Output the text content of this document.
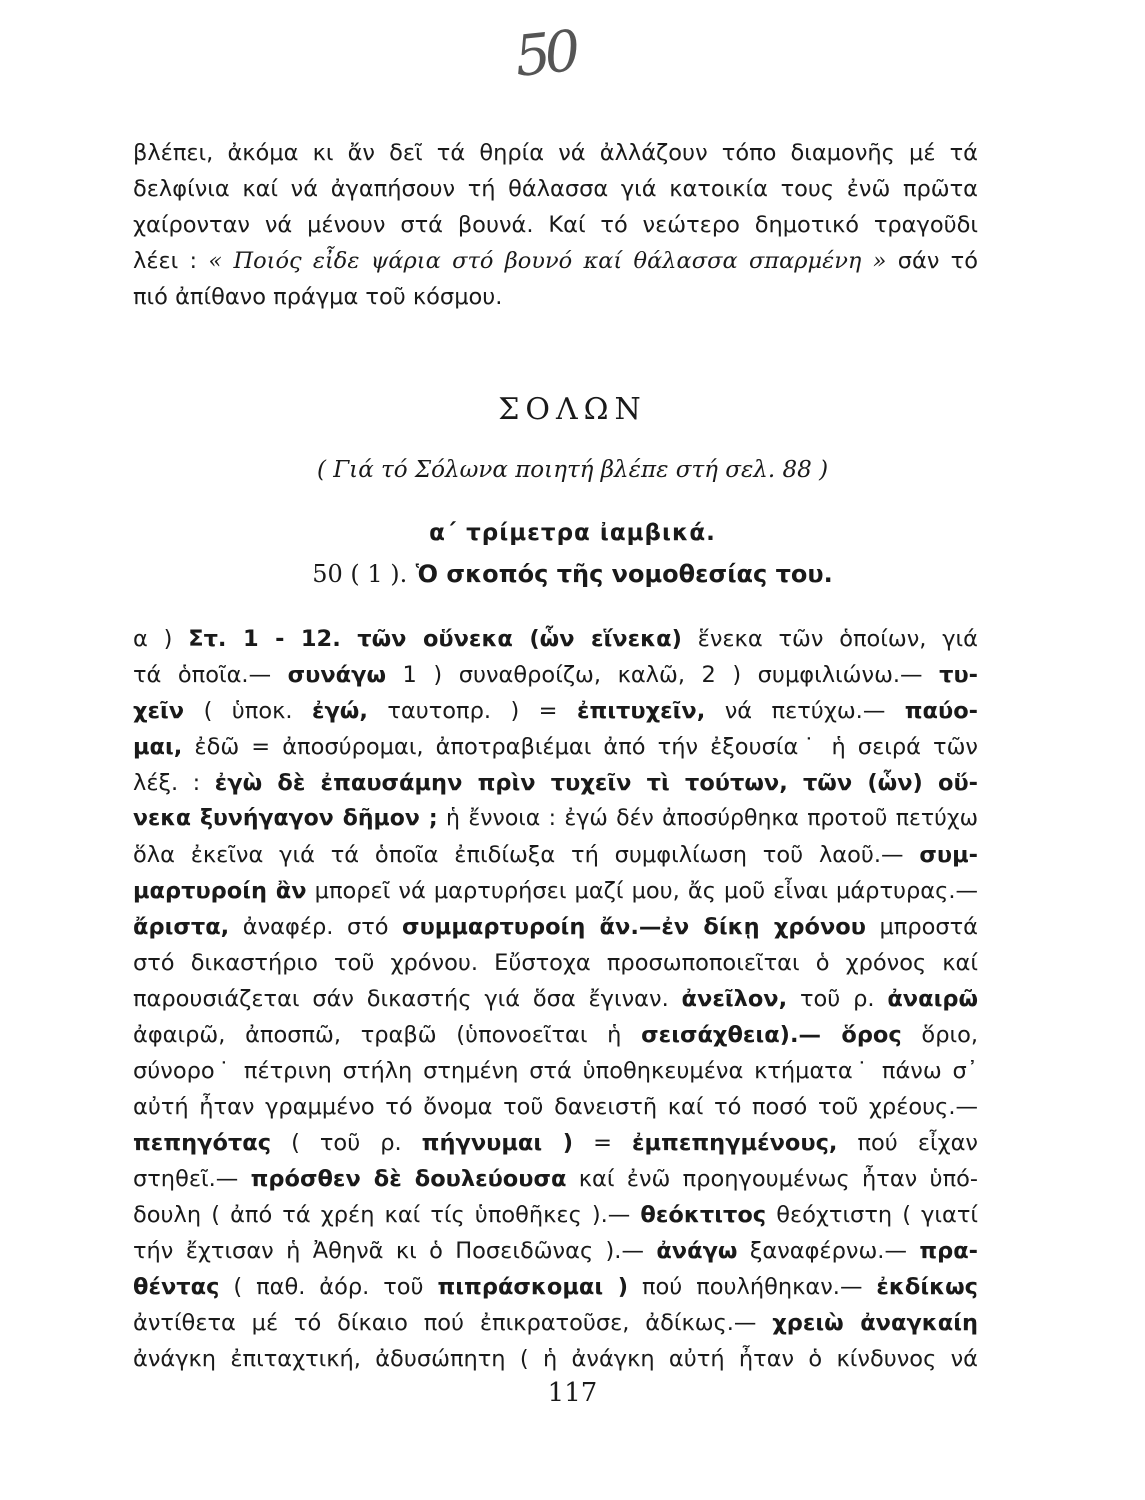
50
βλέπει, ἀκόμα κι ἄν δεῖ τά θηρία νά ἀλλάζουν τόπο διαμονῆς μέ τά
δελφίνια καί νά ἀγαπήσουν τή θάλασσα γιά κατοικία τους ἐνῶ πρῶτα
χαίρονταν νά μένουν στά βουνά. Καί τό νεώτερο δημοτικό τραγοῦδι
λέει : « Ποιός εἶδε ψάρια στό βουνό καί θάλασσα σπαρμένη » σάν τό
πιό ἀπίθανο πράγμα τοῦ κόσμου.
ΣΟΛΩΝ
( Γιά τό Σόλωνα ποιητή βλέπε στή σελ. 88 )
α΄ τρίμετρα ἰαμβικά.
50 ( 1 ). Ὁ σκοπός τῆς νομοθεσίας του.
α ) Στ. 1 - 12. τῶν οὕνεκα (ὧν εἵνεκα) ἕνεκα τῶν ὁποίων, γιά
τά ὁποῖα.— συνάγω 1 ) συναθροίζω, καλῶ, 2 ) συμφιλιώνω.— τυ-
χεῖν ( ὑποκ. ἐγώ, ταυτοπρ. ) = ἐπιτυχεῖν, νά πετύχω.— παύο-
μαι, ἐδῶ = ἀποσύρομαι, ἀποτραβιέμαι ἀπό τήν ἐξουσία˙ ἡ σειρά τῶν
λέξ. : ἐγὼ δὲ ἐπαυσάμην πρὶν τυχεῖν τὶ τούτων, τῶν (ὧν) οὕ-
νεκα ξυνήγαγον δῆμον ; ἡ ἔννοια : ἐγώ δέν ἀποσύρθηκα προτοῦ πετύχω
ὅλα ἐκεῖνα γιά τά ὁποῖα ἐπιδίωξα τή συμφιλίωση τοῦ λαοῦ.— συμ-
μαρτυροίη ἂν μπορεῖ νά μαρτυρήσει μαζί μου, ἄς μοῦ εἶναι μάρτυρας.—
ἄριστα, ἀναφέρ. στό συμμαρτυροίη ἄν.—ἐν δίκῃ χρόνου μπροστά
στό δικαστήριο τοῦ χρόνου. Εὔστοχα προσωποποιεῖται ὁ χρόνος καί
παρουσιάζεται σάν δικαστής γιά ὅσα ἔγιναν. ἀνεῖλον, τοῦ ρ. ἀναιρῶ
ἀφαιρῶ, ἀποσπῶ, τραβῶ (ὑπονοεῖται ἡ σεισάχθεια).— ὅρος ὅριο,
σύνορο˙ πέτρινη στήλη στημένη στά ὑποθηκευμένα κτήματα˙ πάνω σ᾽
αὐτή ἦταν γραμμένο τό ὄνομα τοῦ δανειστῆ καί τό ποσό τοῦ χρέους.—
πεπηγότας ( τοῦ ρ. πήγνυμαι ) = ἐμπεπηγμένους, πού εἶχαν
στηθεῖ.— πρόσθεν δὲ δουλεύουσα καί ἐνῶ προηγουμένως ἦταν ὑπό-
δουλη ( ἀπό τά χρέη καί τίς ὑποθῆκες ).— θεόκτιτος θεόχτιστη ( γιατί
τήν ἔχτισαν ἡ Ἀθηνᾶ κι ὁ Ποσειδῶνας ).— ἀνάγω ξαναφέρνω.— πρα-
θέντας ( παθ. ἀόρ. τοῦ πιπράσκομαι ) πού πουλήθηκαν.— ἐκδίκως
ἀντίθετα μέ τό δίκαιο πού ἐπικρατοῦσε, ἀδίκως.— χρειὼ ἀναγκαίη
ἀνάγκη ἐπιταχτική, ἀδυσώπητη ( ἡ ἀνάγκη αὐτή ἦταν ὁ κίνδυνος νά
117
